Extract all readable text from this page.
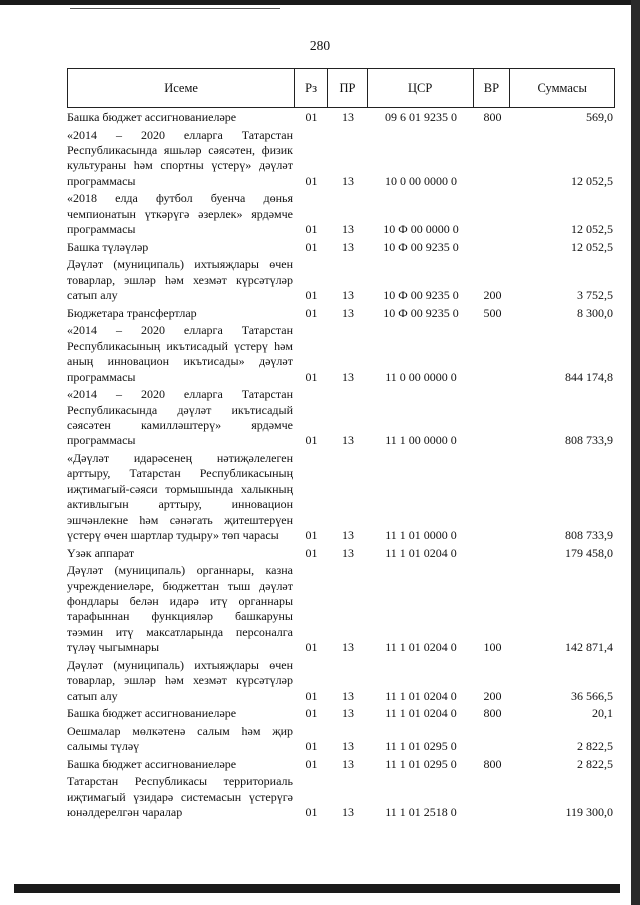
280
Исеме	Рз	ПР	ЦСР	ВР	Суммасы
Башка бюджет ассигнованиеләре	01	13	09 6 01 9235 0	800	569,0
«2014 – 2020 елларга Татарстан Республикасында яшьләр сәясәтен, физик культураны һәм спортны үстерү» дәүләт программасы	01	13	10 0 00 0000 0	12 052,5
«2018 елда футбол буенча дөнья чемпионатын үткәрүгә әзерлек» ярдәмче программасы	01	13	10 Ф 00 0000 0	12 052,5
Башка түләүләр	01	13	10 Ф 00 9235 0	12 052,5
Дәүләт (муниципаль) ихтыяҗлары өчен товарлар, эшләр һәм хезмәт күрсәтүләр сатып алу	01	13	10 Ф 00 9235 0	200	3 752,5
Бюджетара трансфертлар	01	13	10 Ф 00 9235 0	500	8 300,0
«2014 – 2020 елларга Татарстан Республикасының икътисадый үстерү һәм аның инновацион икътисады» дәүләт программасы	01	13	11 0 00 0000 0	844 174,8
«2014 – 2020 елларга Татарстан Республикасында дәүләт икътисадый сәясәтен камилләштерү» ярдәмче программасы	01	13	11 1 00 0000 0	808 733,9
«Дәүләт идарәсенең нәтиҗәлелеген арттыру, Татарстан Республикасының иҗтимагый-сәяси тормышында халыкның активлыгын арттыру, инновацион эшчәнлекне һәм сәнәгать җитештерүен үстерү өчен шартлар тудыру» төп чарасы	01	13	11 1 01 0000 0	808 733,9
Үзәк аппарат	01	13	11 1 01 0204 0	179 458,0
Дәүләт (муниципаль) органнары, казна учреждениеләре, бюджеттан тыш дәүләт фондлары белән идарә итү органнары тарафыннан функцияләр башкаруны тәэмин итү максатларында персоналга түләү чыгымнары	01	13	11 1 01 0204 0	100	142 871,4
Дәүләт (муниципаль) ихтыяҗлары өчен товарлар, эшләр һәм хезмәт күрсәтүләр сатып алу	01	13	11 1 01 0204 0	200	36 566,5
Башка бюджет ассигнованиеләре	01	13	11 1 01 0204 0	800	20,1
Оешмалар мөлкәтенә салым һәм җир салымы түләү	01	13	11 1 01 0295 0	2 822,5
Башка бюджет ассигнованиеләре	01	13	11 1 01 0295 0	800	2 822,5
Татарстан Республикасы территориаль иҗтимагый үзидарә системасын үстерүгә юнәлдерелгән чаралар	01	13	11 1 01 2518 0	119 300,0
